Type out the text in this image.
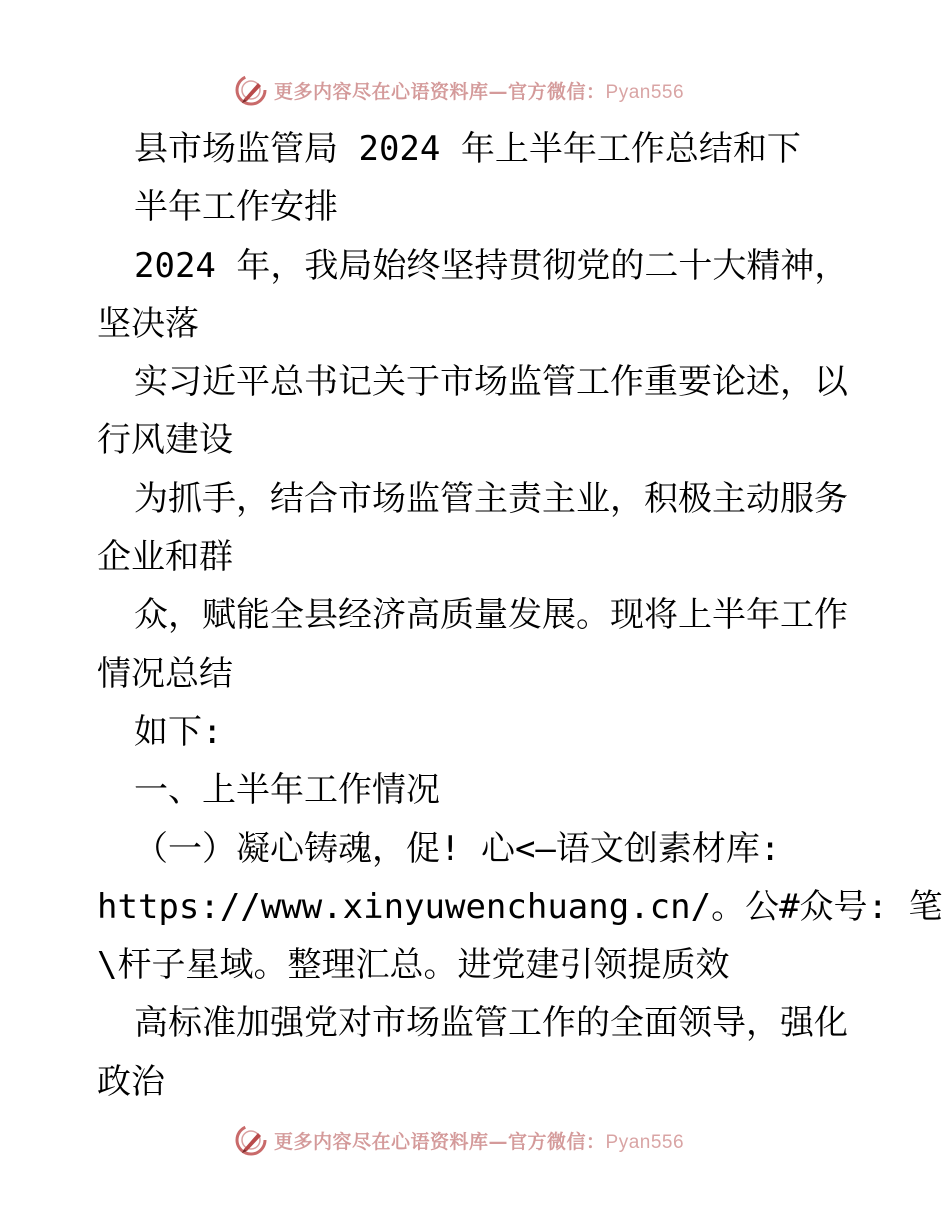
更多内容尽在心语资料库—官方微信：Pyan556
县市场监管局 2024 年上半年工作总结和下
半年工作安排
2024 年，我局始终坚持贯彻党的二十大精神，
坚决落
实习近平总书记关于市场监管工作重要论述，以
行风建设
为抓手，结合市场监管主责主业，积极主动服务
企业和群
众，赋能全县经济高质量发展。现将上半年工作
情况总结
如下:
一、上半年工作情况
（一）凝心铸魂，促! 心<—语文创素材库:
https://www.xinyuwenchuang.cn/。公#众号: 笔
\杆子星域。整理汇总。进党建引领提质效
高标准加强党对市场监管工作的全面领导，强化
政治
更多内容尽在心语资料库—官方微信：Pyan556
